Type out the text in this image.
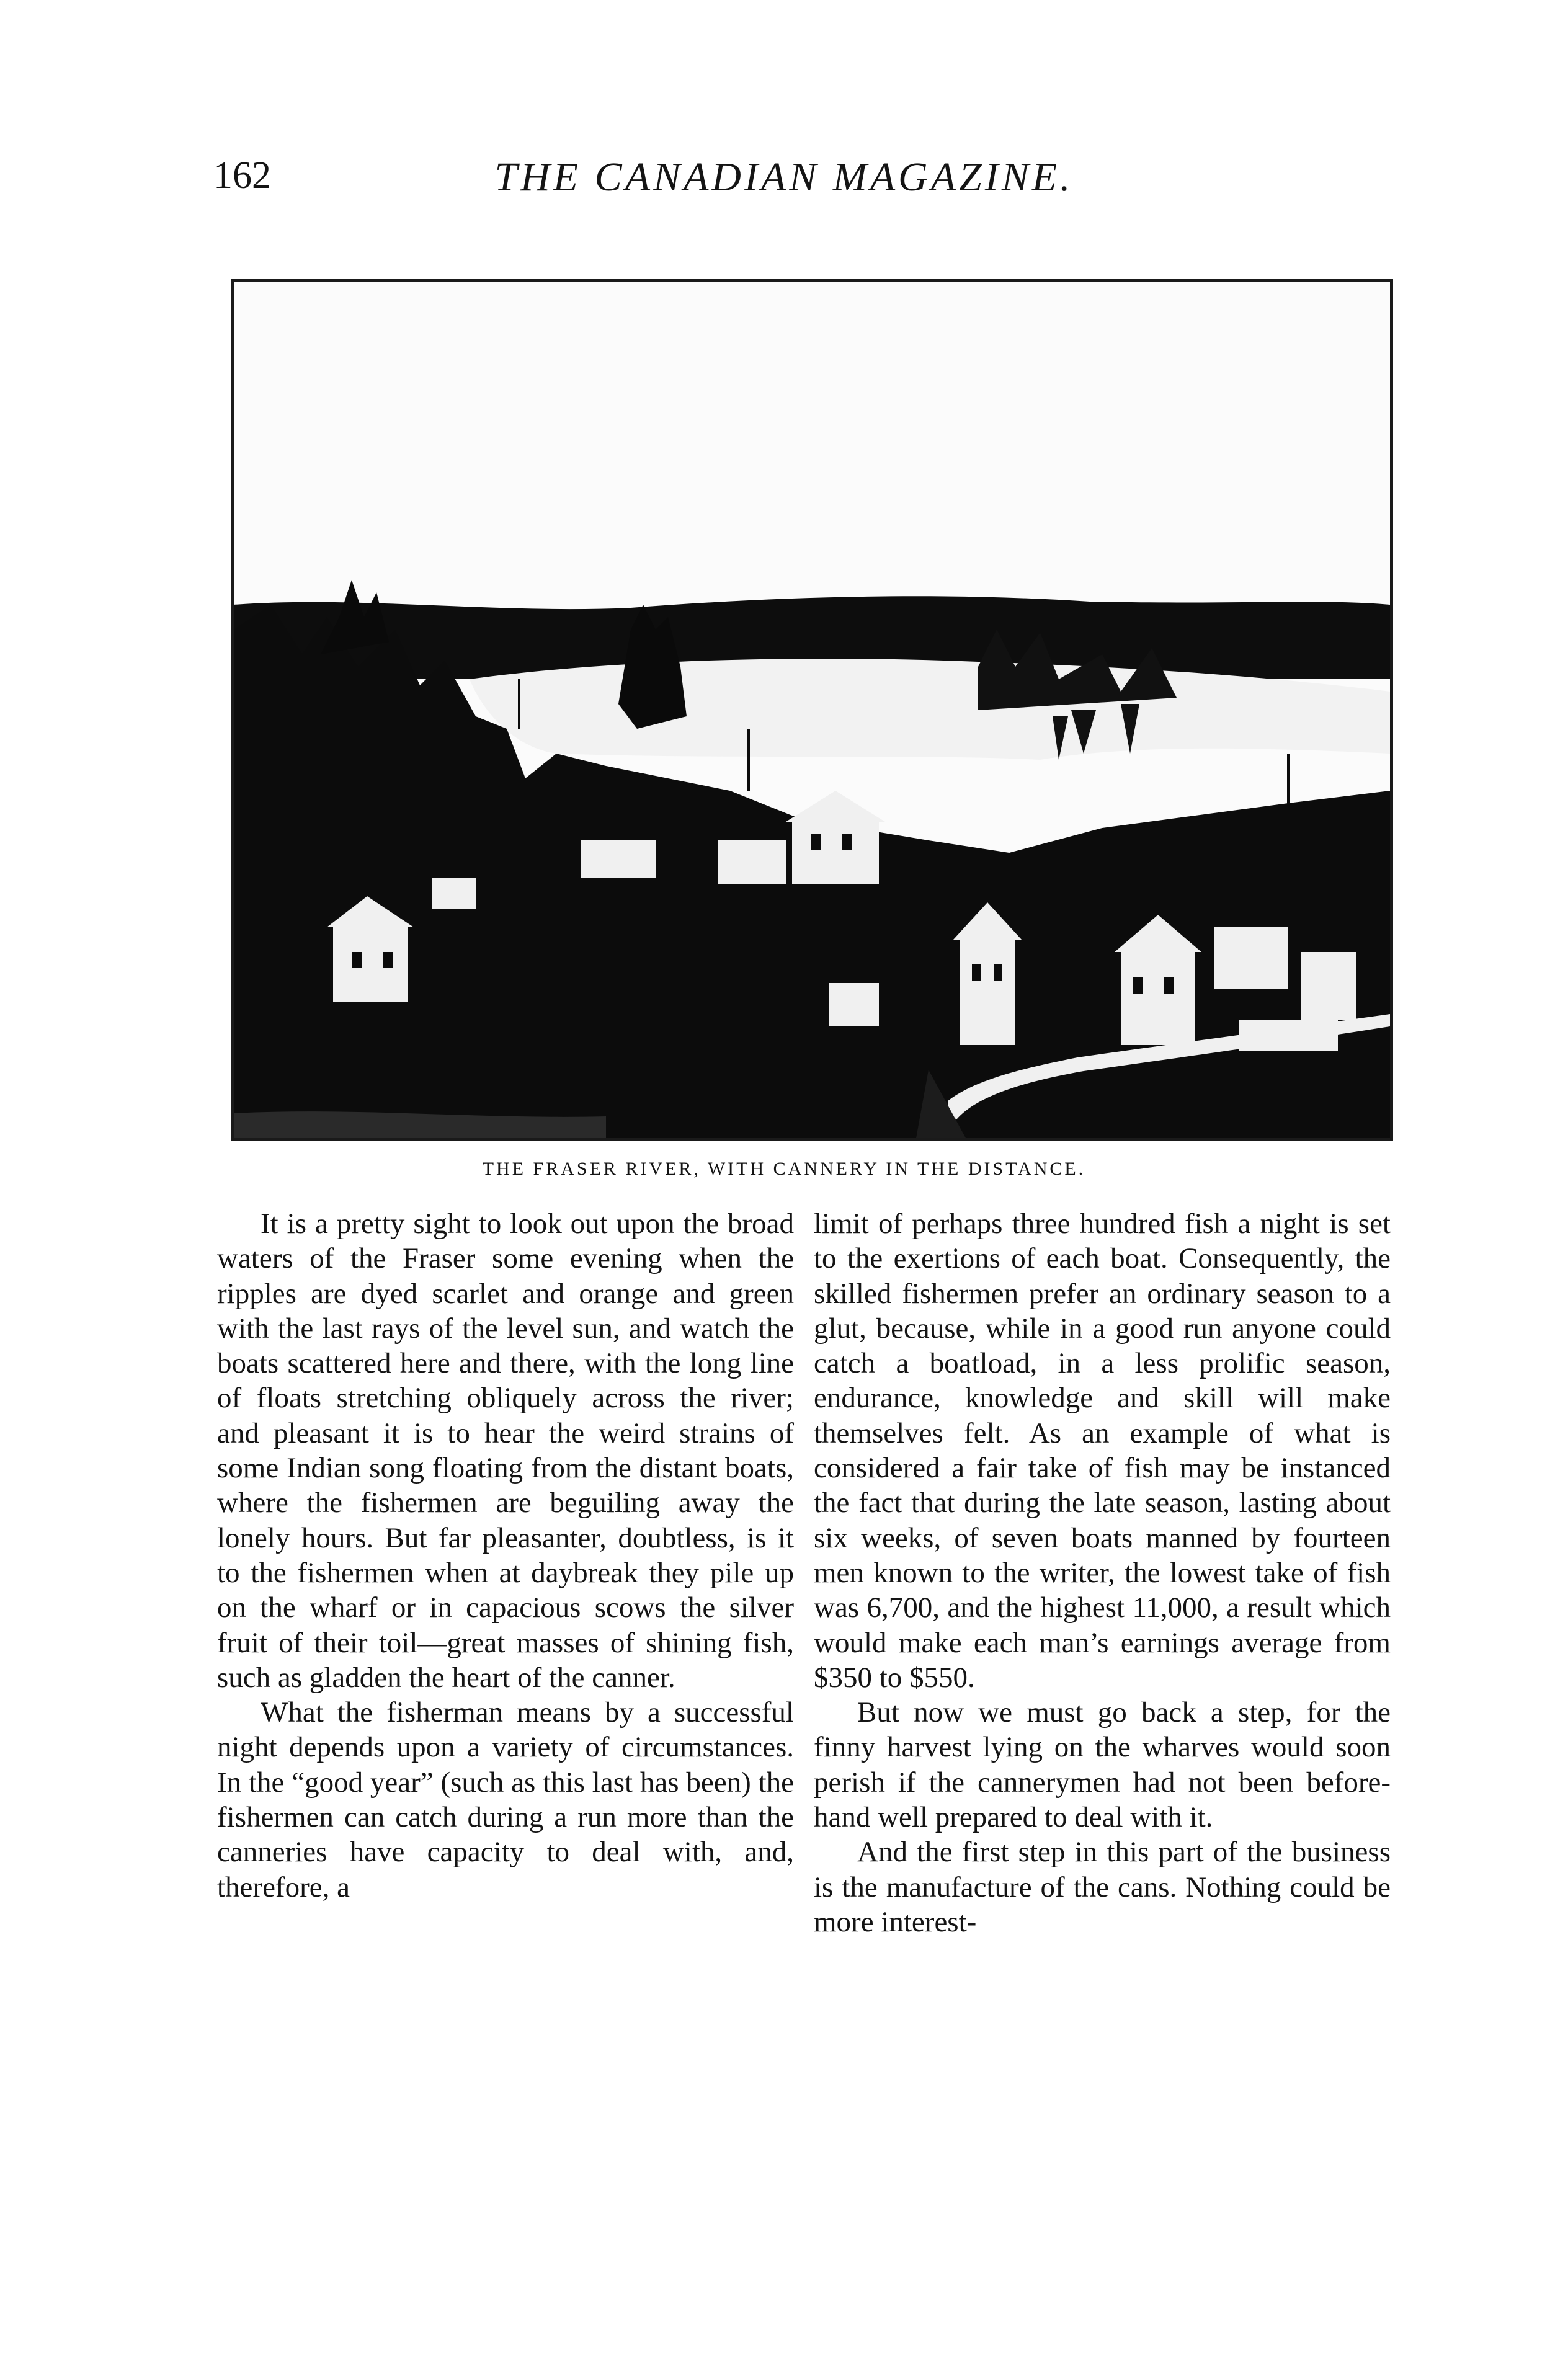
162	THE CANADIAN MAGAZINE.
THE FRASER RIVER, WITH CANNERY IN THE DISTANCE.

It is a pretty sight to look out upon the broad waters of the Fraser some evening when the ripples are dyed scarlet and orange and green with the last rays of the level sun, and watch the boats scattered here and there, with the long line of floats stretching obliquely across the river; and pleasant it is to hear the weird strains of some Indian song floating from the distant boats, where the fishermen are beguiling away the lonely hours. But far pleasanter, doubtless, is it to the fishermen when at daybreak they pile up on the wharf or in capacious scows the silver fruit of their toil—great masses of shining fish, such as gladden the heart of the canner.

What the fisherman means by a successful night depends upon a variety of circumstances. In the “good year” (such as this last has been) the fishermen can catch during a run more than the canneries have capacity to deal with, and, therefore, a

limit of perhaps three hundred fish a night is set to the exertions of each boat. Consequently, the skilled fishermen prefer an ordinary season to a glut, because, while in a good run anyone could catch a boatload, in a less prolific season, endurance, knowledge and skill will make themselves felt. As an example of what is considered a fair take of fish may be instanced the fact that during the late season, lasting about six weeks, of seven boats manned by fourteen men known to the writer, the lowest take of fish was 6,700, and the highest 11,000, a result which would make each man’s earnings average from $350 to $550.

But now we must go back a step, for the finny harvest lying on the wharves would soon perish if the cannerymen had not been before-hand well prepared to deal with it.

And the first step in this part of the business is the manufacture of the cans. Nothing could be more interest-
